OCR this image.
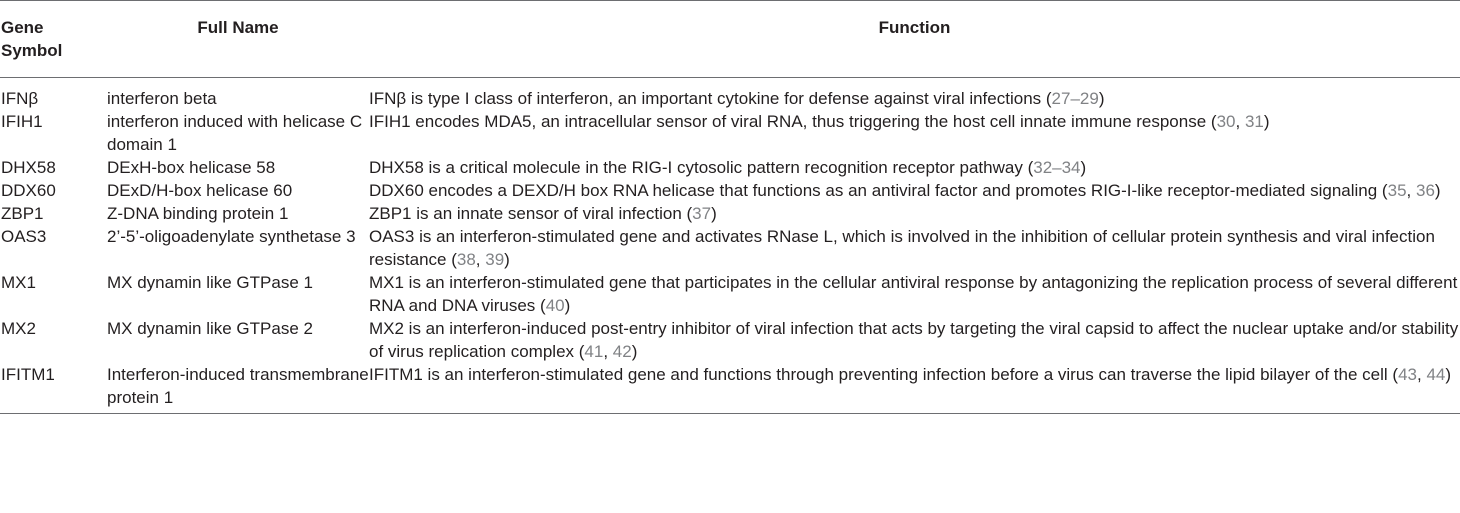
Gene
Symbol	Full Name	Function
IFNβ	interferon beta	IFNβ is type I class of interferon, an important cytokine for defense against viral infections (27–29)
IFIH1	interferon induced with helicase C domain 1	IFIH1 encodes MDA5, an intracellular sensor of viral RNA, thus triggering the host cell innate immune response (30, 31)
DHX58	DExH-box helicase 58	DHX58 is a critical molecule in the RIG-I cytosolic pattern recognition receptor pathway (32–34)
DDX60	DExD/H-box helicase 60	DDX60 encodes a DEXD/H box RNA helicase that functions as an antiviral factor and promotes RIG-I-like receptor-mediated signaling (35, 36)
ZBP1	Z-DNA binding protein 1	ZBP1 is an innate sensor of viral infection (37)
OAS3	2’-5’-oligoadenylate synthetase 3	OAS3 is an interferon-stimulated gene and activates RNase L, which is involved in the inhibition of cellular protein synthesis and viral infection resistance (38, 39)
MX1	MX dynamin like GTPase 1	MX1 is an interferon-stimulated gene that participates in the cellular antiviral response by antagonizing the replication process of several different RNA and DNA viruses (40)
MX2	MX dynamin like GTPase 2	MX2 is an interferon-induced post-entry inhibitor of viral infection that acts by targeting the viral capsid to affect the nuclear uptake and/or stability of virus replication complex (41, 42)
IFITM1	Interferon-induced transmembrane protein 1	IFITM1 is an interferon-stimulated gene and functions through preventing infection before a virus can traverse the lipid bilayer of the cell (43, 44)
